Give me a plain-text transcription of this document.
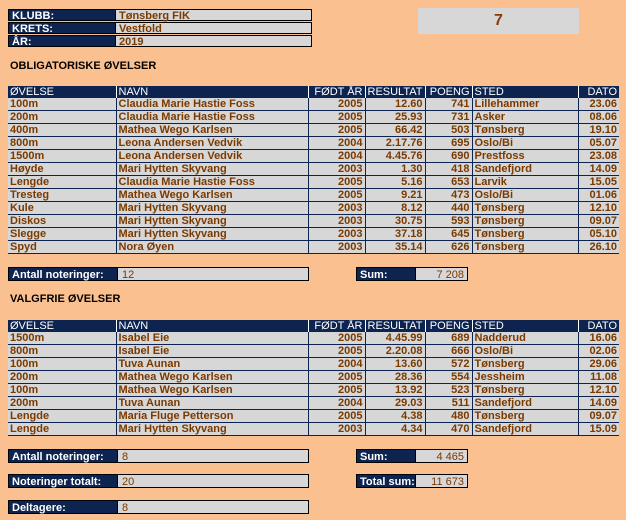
KLUBB:	Tønsberg FIK
KRETS:	Vestfold
ÅR:	2019
7
OBLIGATORISKE ØVELSER
ØVELSE	NAVN	FØDT ÅR	RESULTAT	POENG	STED	DATO
100m	Claudia Marie Hastie Foss	2005	12.60	741	Lillehammer	23.06
200m	Claudia Marie Hastie Foss	2005	25.93	731	Asker	08.06
400m	Mathea Wego Karlsen	2005	66.42	503	Tønsberg	19.10
800m	Leona Andersen Vedvik	2004	2.17.76	695	Oslo/Bi	05.07
1500m	Leona Andersen Vedvik	2004	4.45.76	690	Prestfoss	23.08
Høyde	Mari Hytten Skyvang	2003	1.30	418	Sandefjord	14.09
Lengde	Claudia Marie Hastie Foss	2005	5.16	653	Larvik	15.05
Tresteg	Mathea Wego Karlsen	2005	9.21	473	Oslo/Bi	01.06
Kule	Mari Hytten Skyvang	2003	8.12	440	Tønsberg	12.10
Diskos	Mari Hytten Skyvang	2003	30.75	593	Tønsberg	09.07
Slegge	Mari Hytten Skyvang	2003	37.18	645	Tønsberg	05.10
Spyd	Nora Øyen	2003	35.14	626	Tønsberg	26.10
Antall noteringer:	12	Sum:	7 208
VALGFRIE ØVELSER
ØVELSE	NAVN	FØDT ÅR	RESULTAT	POENG	STED	DATO
1500m	Isabel Eie	2005	4.45.99	689	Nadderud	16.06
800m	Isabel Eie	2005	2.20.08	666	Oslo/Bi	02.06
100m	Tuva Aunan	2004	13.60	572	Tønsberg	29.06
200m	Mathea Wego Karlsen	2005	28.36	554	Jessheim	11.08
100m	Mathea Wego Karlsen	2005	13.92	523	Tønsberg	12.10
200m	Tuva Aunan	2004	29.03	511	Sandefjord	14.09
Lengde	Maria Fluge Petterson	2005	4.38	480	Tønsberg	09.07
Lengde	Mari Hytten Skyvang	2003	4.34	470	Sandefjord	15.09
Antall noteringer:	8	Sum:	4 465
Noteringer totalt:	20	Total sum:	11 673
Deltagere:	8
